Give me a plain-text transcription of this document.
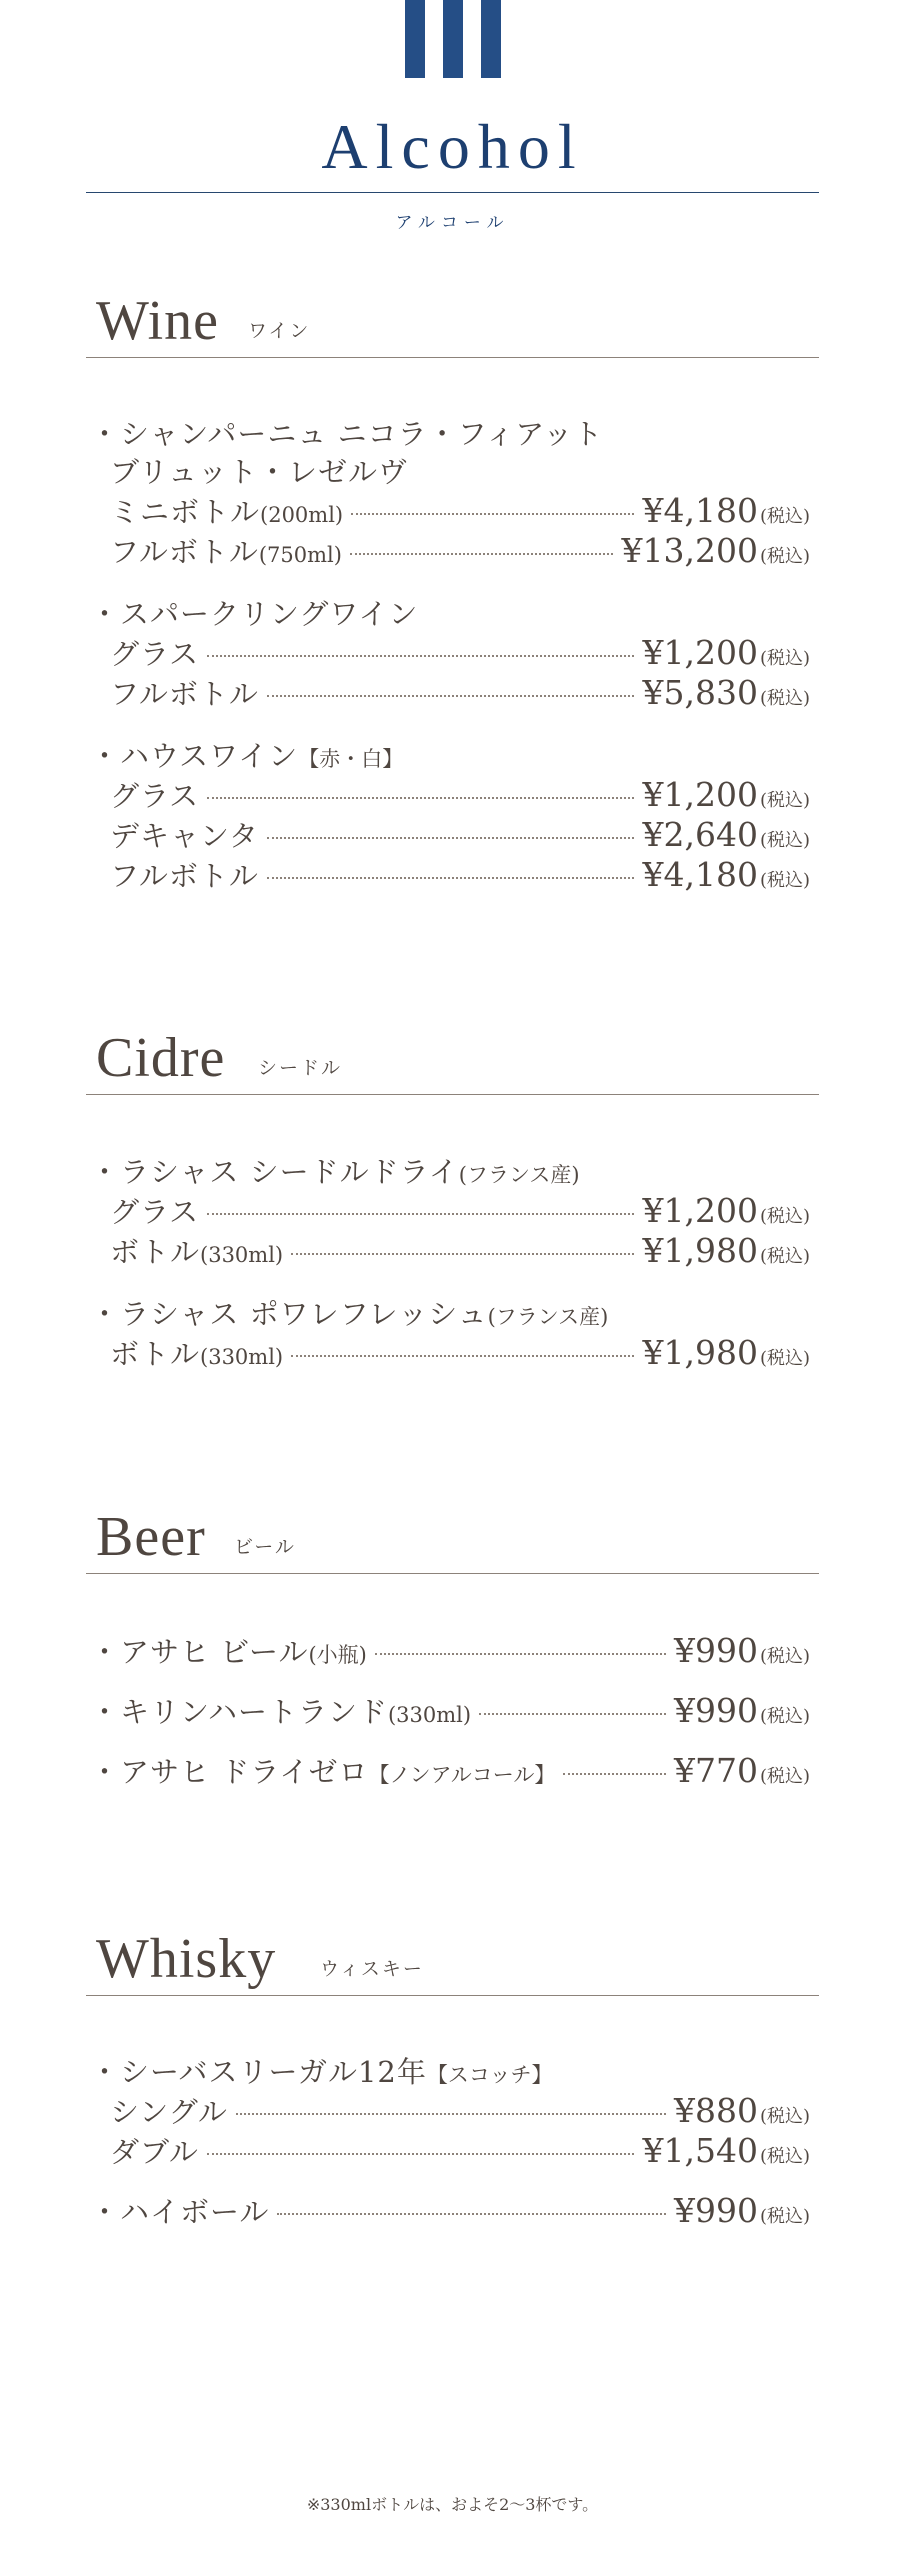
Alcohol
アルコール
Wine ワイン
・シャンパーニュ ニコラ・フィアット
ブリュット・レゼルヴ
ミニボトル (200ml)	¥4,180 (税込)
フルボトル (750ml)	¥13,200 (税込)
・スパークリングワイン
グラス	¥1,200 (税込)
フルボトル	¥5,830 (税込)
・ハウスワイン 【赤・白】
グラス	¥1,200 (税込)
デキャンタ	¥2,640 (税込)
フルボトル	¥4,180 (税込)
Cidre シードル
・ラシャス シードルドライ (フランス産)
グラス	¥1,200 (税込)
ボトル (330ml)	¥1,980 (税込)
・ラシャス ポワレフレッシュ (フランス産)
ボトル (330ml)	¥1,980 (税込)
Beer ビール
・アサヒ ビール (小瓶)	¥990 (税込)
・キリンハートランド (330ml)	¥990 (税込)
・アサヒ ドライゼロ 【ノンアルコール】	¥770 (税込)
Whisky ウィスキー
・シーバスリーガル12年 【スコッチ】
シングル	¥880 (税込)
ダブル	¥1,540 (税込)
・ハイボール	¥990 (税込)
※330mlボトルは、およそ2〜3杯です。
